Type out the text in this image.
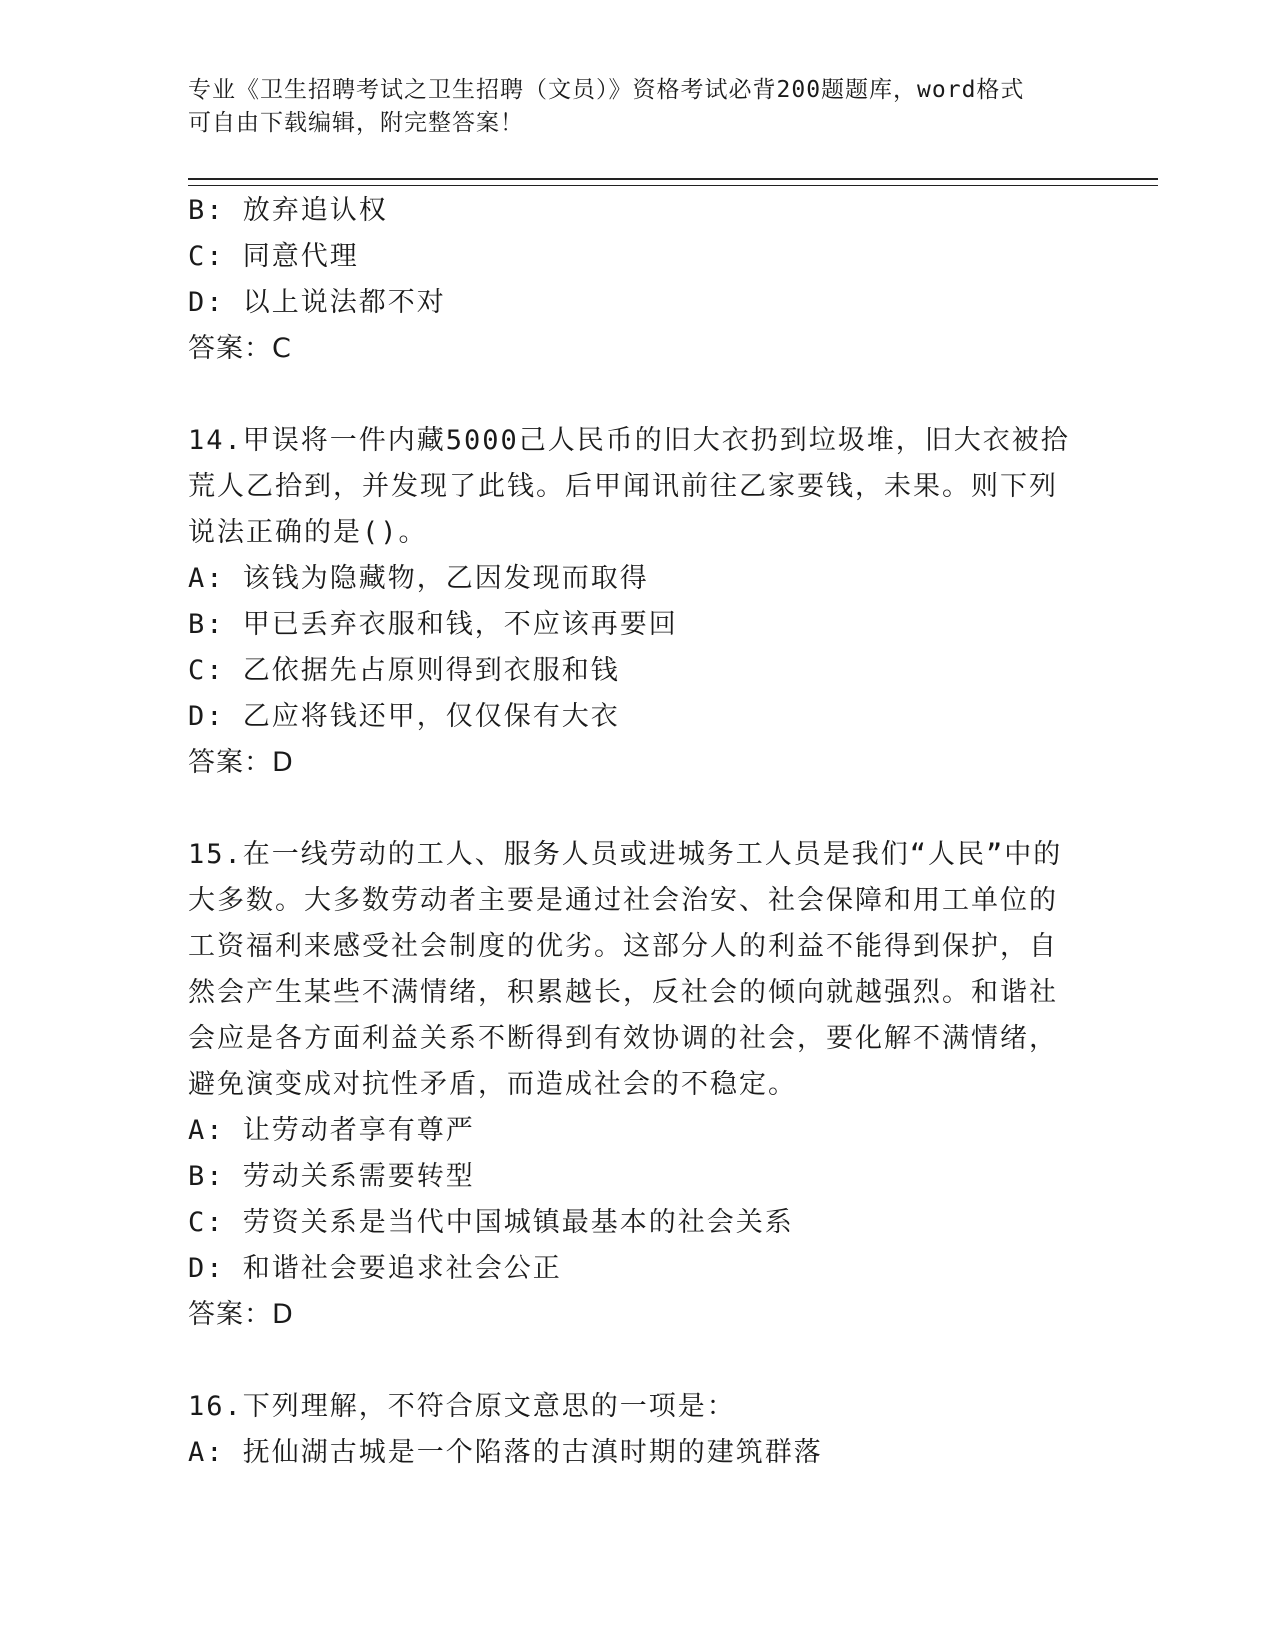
专业《卫生招聘考试之卫生招聘（文员）》资格考试必背200题题库，word格式
可自由下载编辑，附完整答案！
B: 放弃追认权
C: 同意代理
D: 以上说法都不对
答案：C
14.甲误将一件内藏5000己人民币的旧大衣扔到垃圾堆，旧大衣被拾
荒人乙拾到，并发现了此钱。后甲闻讯前往乙家要钱，未果。则下列
说法正确的是()。
A: 该钱为隐藏物，乙因发现而取得
B: 甲已丢弃衣服和钱，不应该再要回
C: 乙依据先占原则得到衣服和钱
D: 乙应将钱还甲，仅仅保有大衣
答案：D
15.在一线劳动的工人、服务人员或进城务工人员是我们“人民”中的
大多数。大多数劳动者主要是通过社会治安、社会保障和用工单位的
工资福利来感受社会制度的优劣。这部分人的利益不能得到保护，自
然会产生某些不满情绪，积累越长，反社会的倾向就越强烈。和谐社
会应是各方面利益关系不断得到有效协调的社会，要化解不满情绪，
避免演变成对抗性矛盾，而造成社会的不稳定。
A: 让劳动者享有尊严
B: 劳动关系需要转型
C: 劳资关系是当代中国城镇最基本的社会关系
D: 和谐社会要追求社会公正
答案：D
16.下列理解，不符合原文意思的一项是：
A: 抚仙湖古城是一个陷落的古滇时期的建筑群落
